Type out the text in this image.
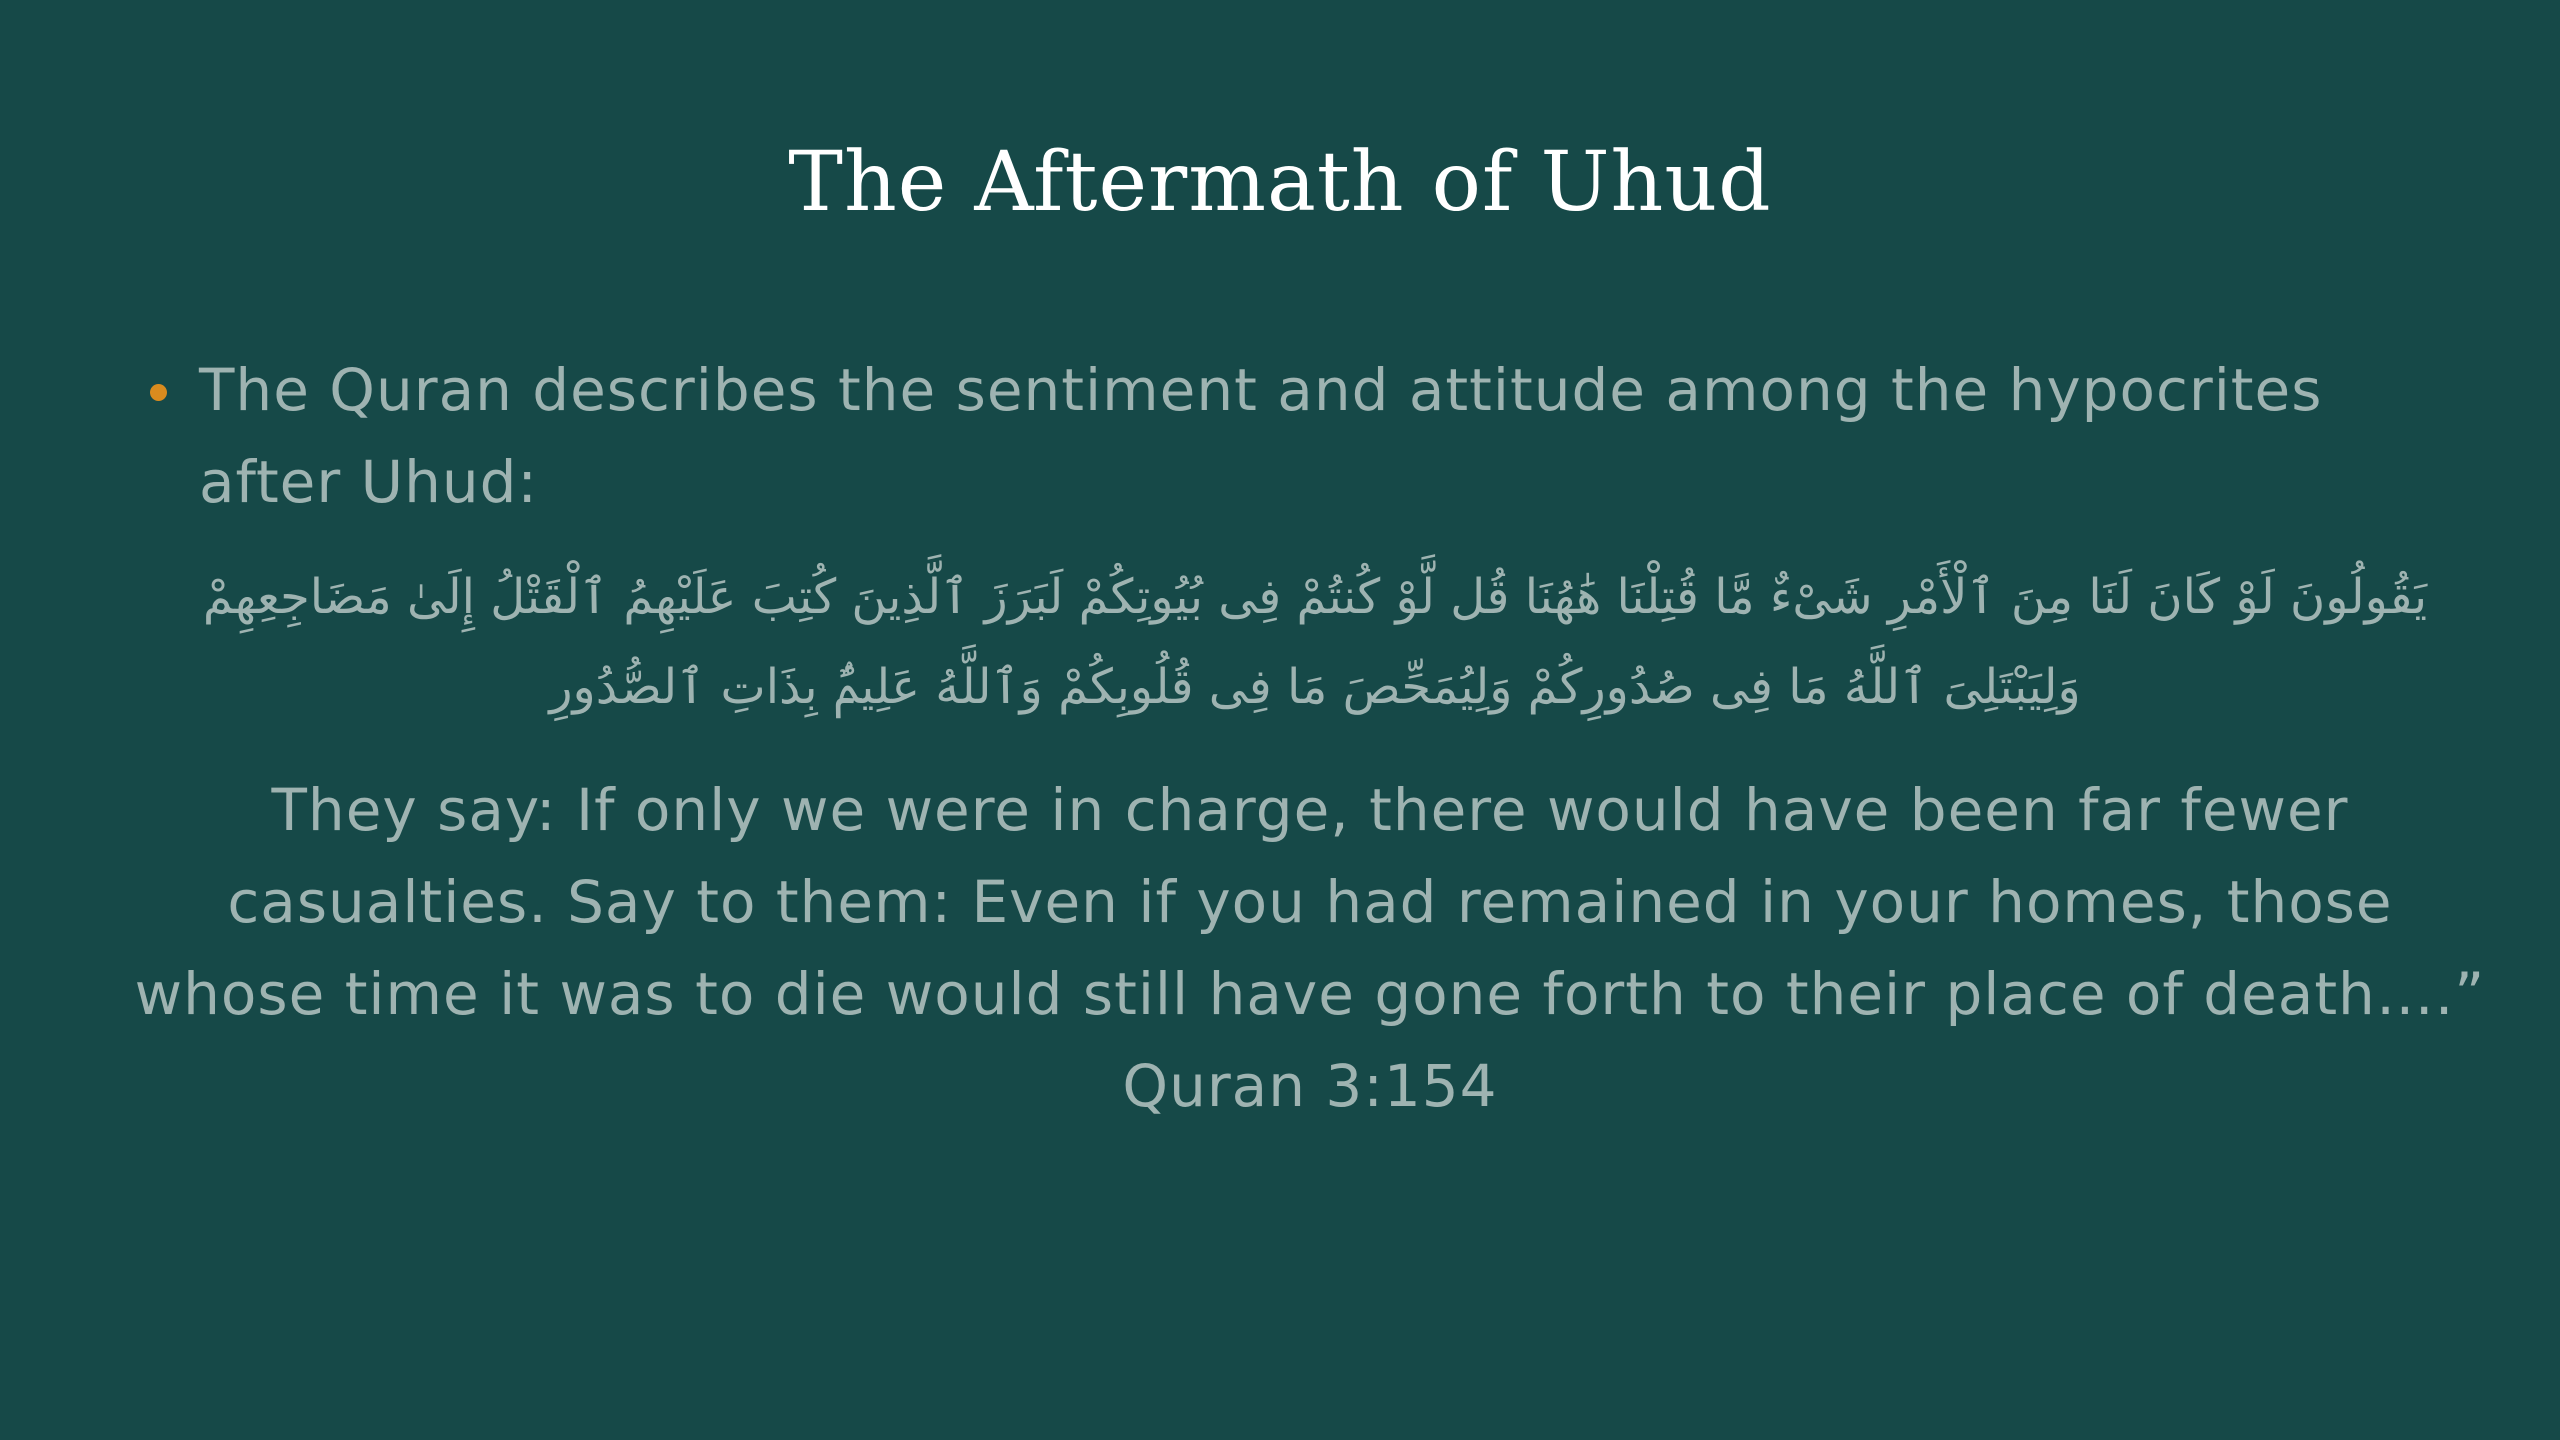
The Aftermath of Uhud
The Quran describes the sentiment and attitude among the hypocrites after Uhud:
يَقُولُونَ لَوْ كَانَ لَنَا مِنَ ٱلْأَمْرِ شَىْءٌ مَّا قُتِلْنَا هَٰهُنَا قُل لَّوْ كُنتُمْ فِى بُيُوتِكُمْ لَبَرَزَ ٱلَّذِينَ كُتِبَ عَلَيْهِمُ ٱلْقَتْلُ إِلَىٰ مَضَاجِعِهِمْ وَلِيَبْتَلِىَ ٱللَّهُ مَا فِى صُدُورِكُمْ وَلِيُمَحِّصَ مَا فِى قُلُوبِكُمْ وَٱللَّهُ عَلِيمٌۢ بِذَاتِ ٱلصُّدُورِ
They say: If only we were in charge, there would have been far fewer casualties. Say to them: Even if you had remained in your homes, those whose time it was to die would still have gone forth to their place of death….” Quran 3:154
